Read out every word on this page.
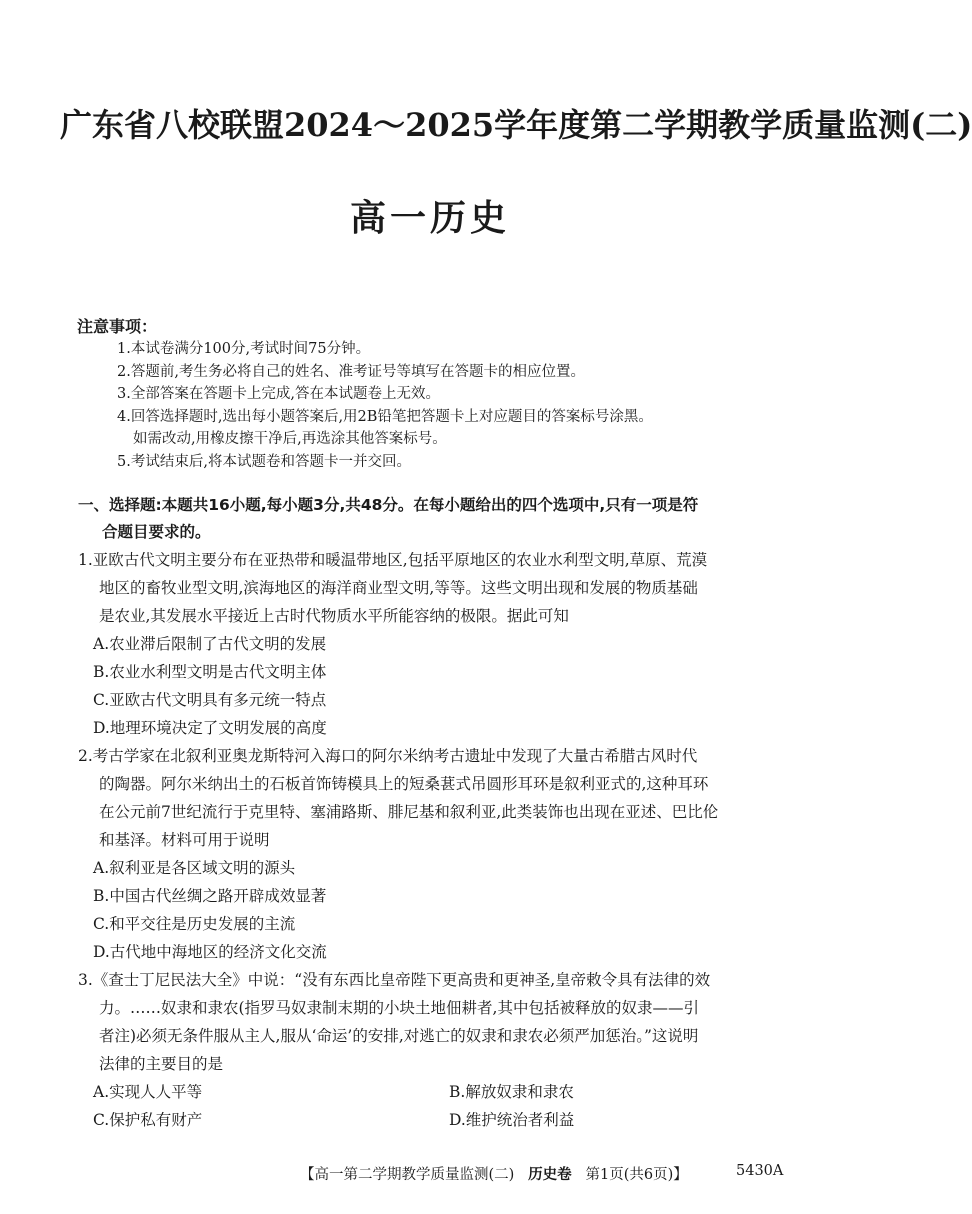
广东省八校联盟2024～2025学年度第二学期教学质量监测(二)
高一历史
注意事项：
1.本试卷满分100分,考试时间75分钟。
2.答题前,考生务必将自己的姓名、准考证号等填写在答题卡的相应位置。
3.全部答案在答题卡上完成,答在本试题卷上无效。
4.回答选择题时,选出每小题答案后,用2B铅笔把答题卡上对应题目的答案标号涂黑。
如需改动,用橡皮擦干净后,再选涂其他答案标号。
5.考试结束后,将本试题卷和答题卡一并交回。
一、选择题:本题共16小题,每小题3分,共48分。在每小题给出的四个选项中,只有一项是符
合题目要求的。
1.亚欧古代文明主要分布在亚热带和暖温带地区,包括平原地区的农业水利型文明,草原、荒漠
地区的畜牧业型文明,滨海地区的海洋商业型文明,等等。这些文明出现和发展的物质基础
是农业,其发展水平接近上古时代物质水平所能容纳的极限。据此可知
A.农业滞后限制了古代文明的发展
B.农业水利型文明是古代文明主体
C.亚欧古代文明具有多元统一特点
D.地理环境决定了文明发展的高度
2.考古学家在北叙利亚奥龙斯特河入海口的阿尔米纳考古遗址中发现了大量古希腊古风时代
的陶器。阿尔米纳出土的石板首饰铸模具上的短桑葚式吊圆形耳环是叙利亚式的,这种耳环
在公元前7世纪流行于克里特、塞浦路斯、腓尼基和叙利亚,此类装饰也出现在亚述、巴比伦
和基泽。材料可用于说明
A.叙利亚是各区域文明的源头
B.中国古代丝绸之路开辟成效显著
C.和平交往是历史发展的主流
D.古代地中海地区的经济文化交流
3.《查士丁尼民法大全》中说：“没有东西比皇帝陛下更高贵和更神圣,皇帝敕令具有法律的效
力。……奴隶和隶农(指罗马奴隶制末期的小块土地佃耕者,其中包括被释放的奴隶——引
者注)必须无条件服从主人,服从‘命运’的安排,对逃亡的奴隶和隶农必须严加惩治。”这说明
法律的主要目的是
A.实现人人平等	B.解放奴隶和隶农
C.保护私有财产	D.维护统治者利益
【高一第二学期教学质量监测(二) 历史卷 第1页(共6页)】	5430A
